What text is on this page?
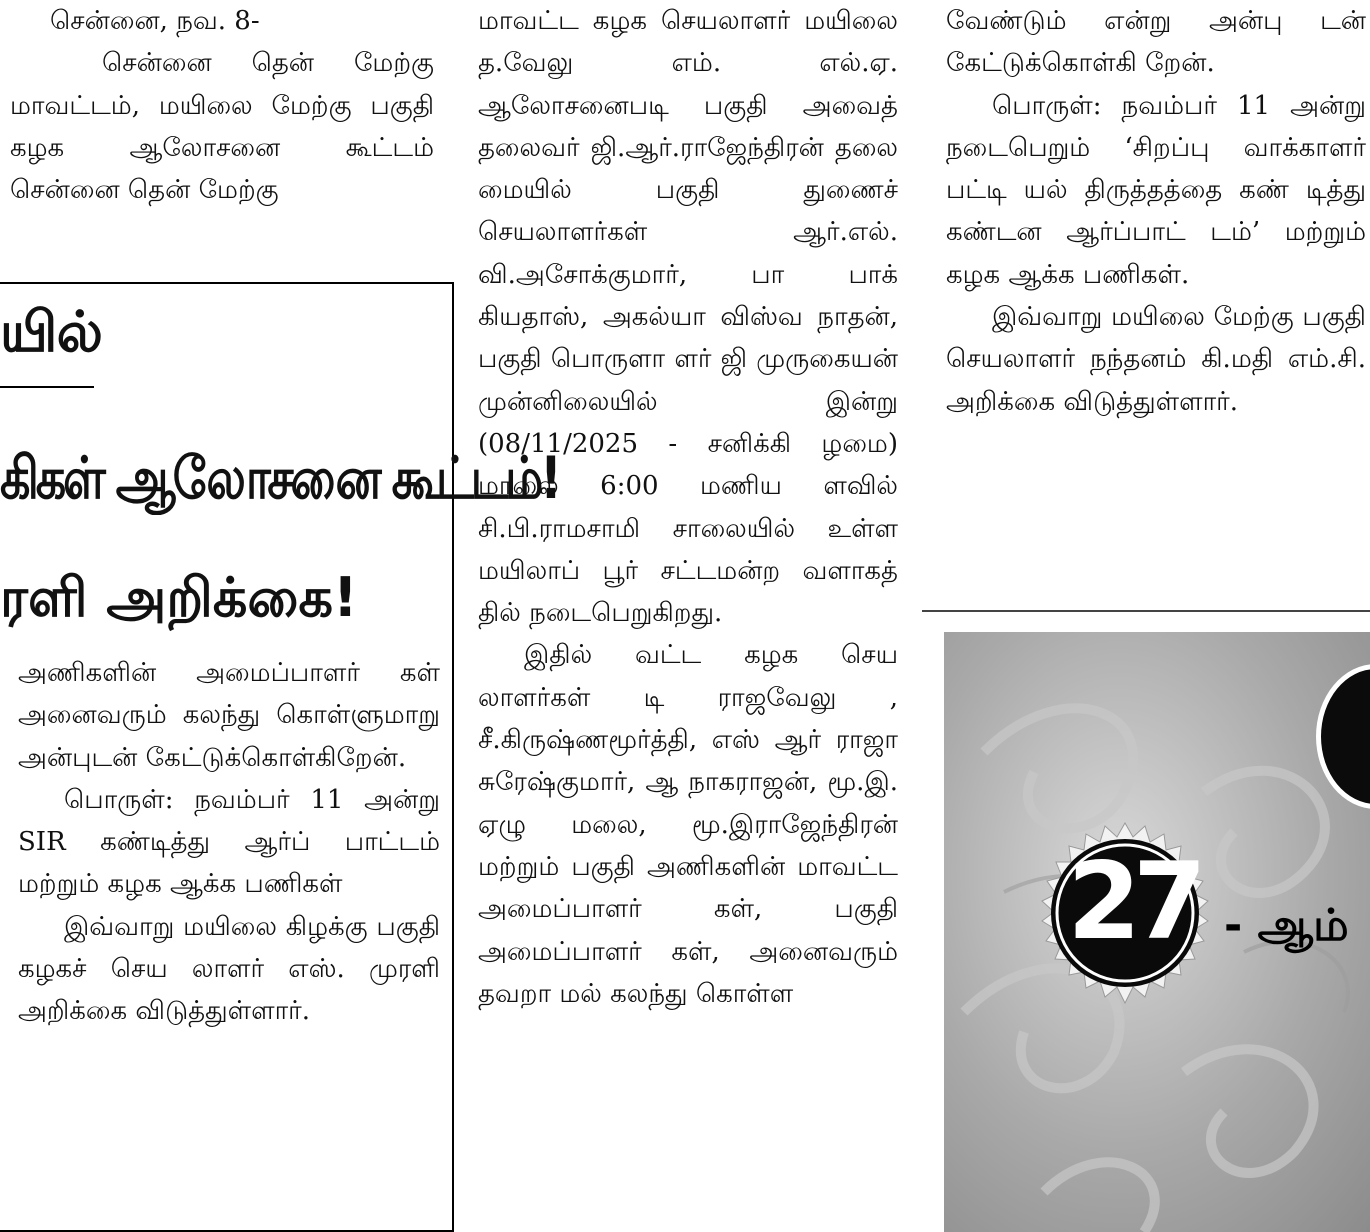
சென்னை, நவ. 8-

சென்னை தென் மேற்கு மாவட்டம், மயிலை மேற்கு பகுதி கழக ஆலோசனை கூட்டம் சென்னை தென் மேற்கு

யில்
கிகள் ஆலோசனை கூட்டம்!
ரளி அறிக்கை!

அணிகளின் அமைப்பாளர் கள் அனைவரும் கலந்து கொள்ளுமாறு அன்புடன் கேட்டுக்கொள்கிறேன்.

பொருள்: நவம்பர் 11 அன்று SIR கண்டித்து ஆர்ப் பாட்டம் மற்றும் கழக ஆக்க பணிகள்

இவ்வாறு மயிலை கிழக்கு பகுதி கழகச் செய லாளர் எஸ். முரளி அறிக்கை விடுத்துள்ளார்.

மாவட்ட கழக செயலாளர் மயிலை த.வேலு எம். எல்.ஏ. ஆலோசனைபடி பகுதி அவைத் தலைவர் ஜி.ஆர்.ராஜேந்திரன் தலை மையில் பகுதி துணைச் செயலாளர்கள் ஆர்.எல். வி.அசோக்குமார், பா பாக் கியதாஸ், அகல்யா விஸ்வ நாதன், பகுதி பொருளா ளர் ஜி முருகையன் முன்னிலையில் இன்று (08/11/2025 - சனிக்கி ழமை) மாலை 6:00 மணிய ளவில் சி.பி.ராமசாமி சாலையில் உள்ள மயிலாப் பூர் சட்டமன்ற வளாகத் தில் நடைபெறுகிறது.

இதில் வட்ட கழக செய லாளர்கள் டி ராஜவேலு , சீ.கிருஷ்ணமூர்த்தி, எஸ் ஆர் ராஜா சுரேஷ்குமார், ஆ நாகராஜன், மூ.இ. ஏழு மலை, மூ.இராஜேந்திரன் மற்றும் பகுதி அணிகளின் மாவட்ட அமைப்பாளர் கள், பகுதி அமைப்பாளர் கள், அனைவரும் தவறா மல் கலந்து கொள்ள

வேண்டும் என்று அன்பு டன் கேட்டுக்கொள்கி றேன்.

பொருள்: நவம்பர் 11 அன்று நடைபெறும் ‘சிறப்பு வாக்காளர் பட்டி யல் திருத்தத்தை கண் டித்து கண்டன ஆர்ப்பாட் டம்’ மற்றும் கழக ஆக்க பணிகள்.

இவ்வாறு மயிலை மேற்கு பகுதி செயலாளர் நந்தனம் கி.மதி எம்.சி. அறிக்கை விடுத்துள்ளார்.

27 - ஆம்
